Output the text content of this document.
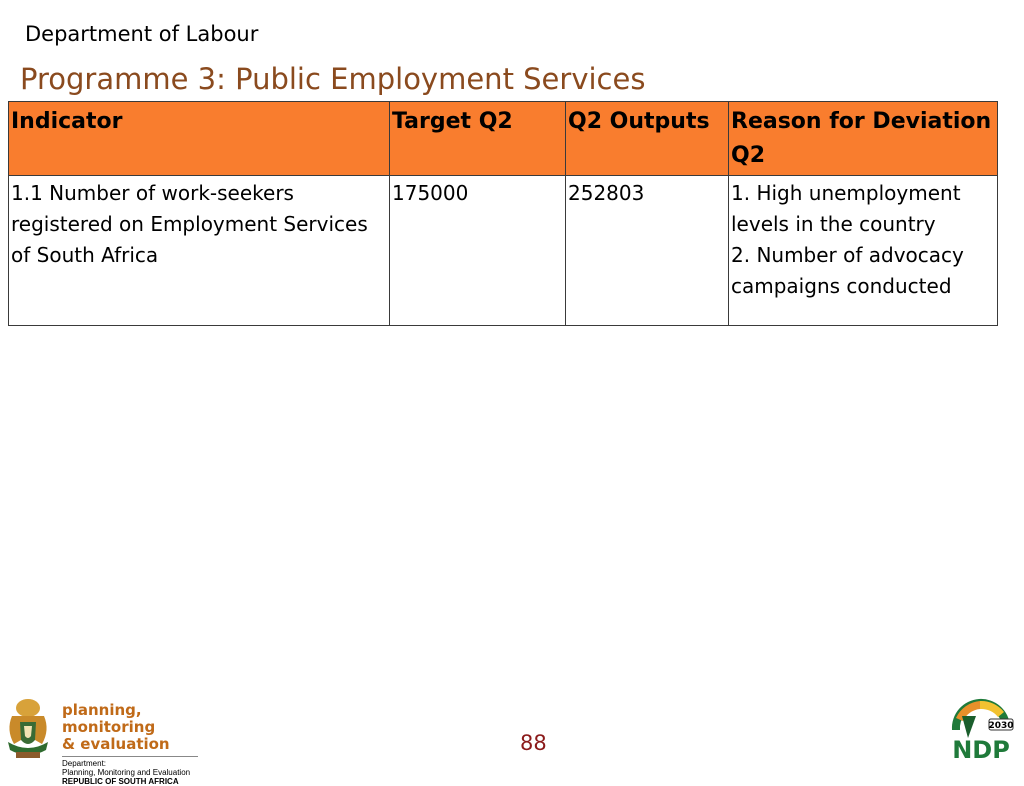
Department of Labour
Programme 3: Public Employment Services
Indicator	Target Q2	Q2 Outputs	Reason for Deviation Q2
1.1 Number of work-seekers registered on Employment Services of South Africa	175000	252803	1. High unemployment levels in the country
2. Number of advocacy campaigns conducted
planning, monitoring
& evaluation
Department:
Planning, Monitoring and Evaluation
REPUBLIC OF SOUTH AFRICA
88
2030
NDP
